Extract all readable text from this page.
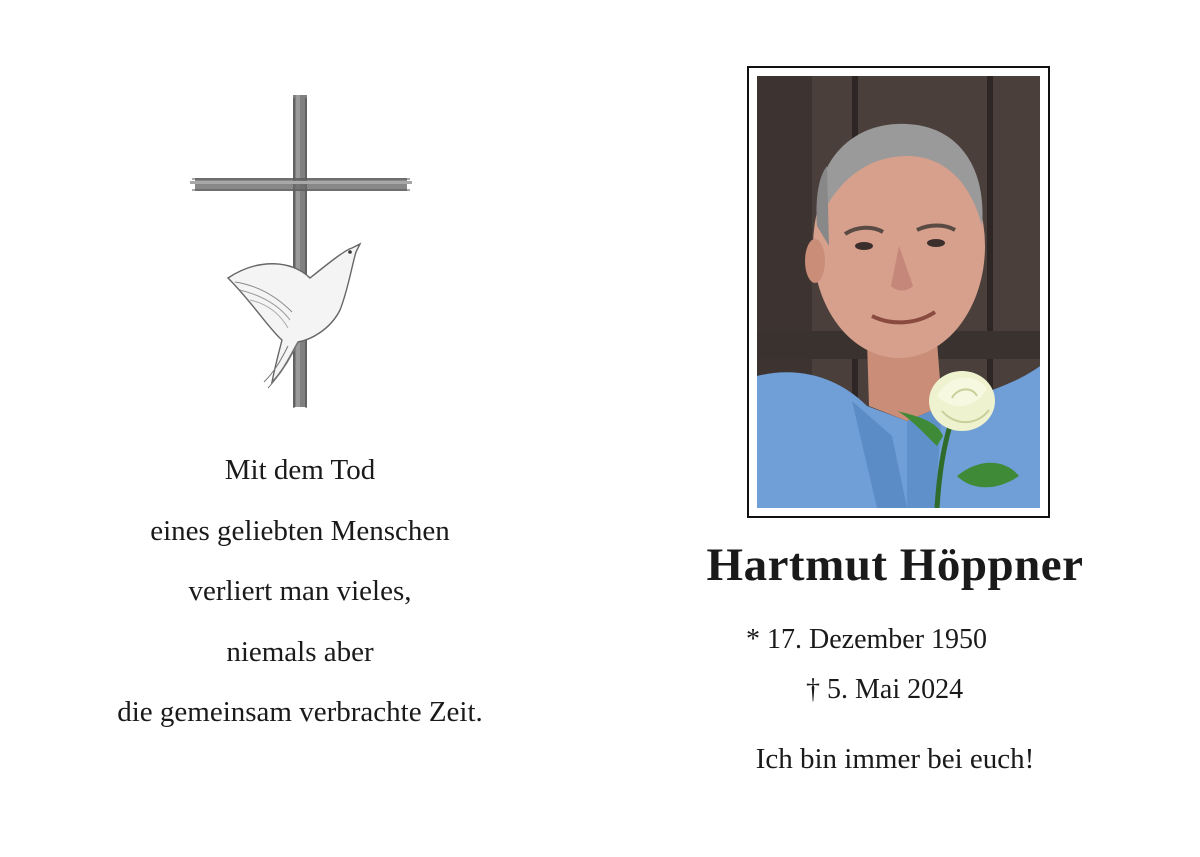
Mit dem Tod
eines geliebten Menschen
verliert man vieles,
niemals aber
die gemeinsam verbrachte Zeit.
Hartmut Höppner
* 17. Dezember 1950
† 5. Mai 2024
Ich bin immer bei euch!
